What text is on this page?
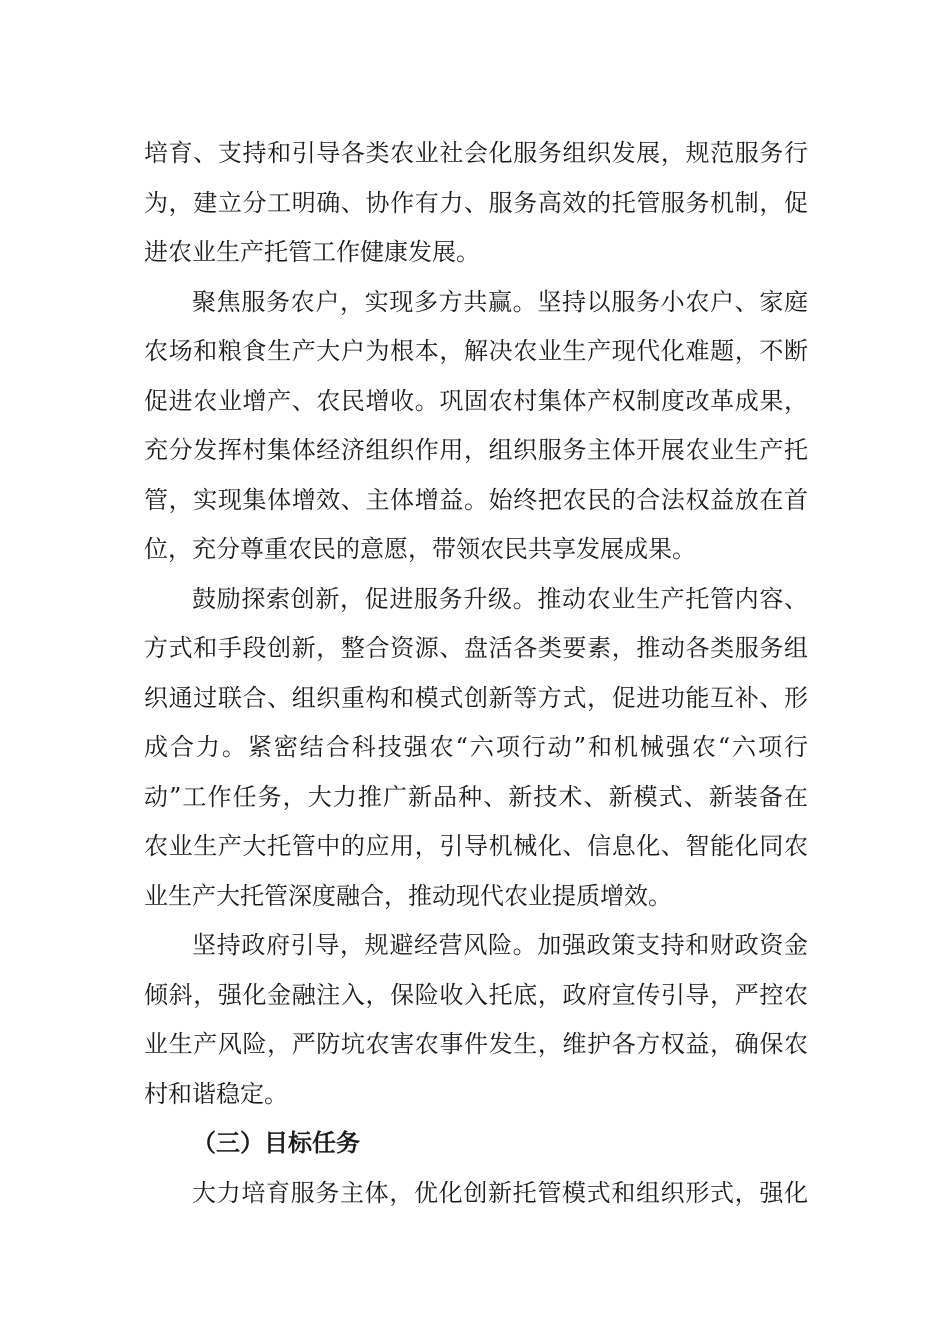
培育、支持和引导各类农业社会化服务组织发展，规范服务行
为，建立分工明确、协作有力、服务高效的托管服务机制，促
进农业生产托管工作健康发展。
聚焦服务农户，实现多方共赢。坚持以服务小农户、家庭
农场和粮食生产大户为根本，解决农业生产现代化难题，不断
促进农业增产、农民增收。巩固农村集体产权制度改革成果，
充分发挥村集体经济组织作用，组织服务主体开展农业生产托
管，实现集体增效、主体增益。始终把农民的合法权益放在首
位，充分尊重农民的意愿，带领农民共享发展成果。
鼓励探索创新，促进服务升级。推动农业生产托管内容、
方式和手段创新，整合资源、盘活各类要素，推动各类服务组
织通过联合、组织重构和模式创新等方式，促进功能互补、形
成合力。紧密结合科技强农“六项行动”和机械强农“六项行
动”工作任务，大力推广新品种、新技术、新模式、新装备在
农业生产大托管中的应用，引导机械化、信息化、智能化同农
业生产大托管深度融合，推动现代农业提质增效。
坚持政府引导，规避经营风险。加强政策支持和财政资金
倾斜，强化金融注入，保险收入托底，政府宣传引导，严控农
业生产风险，严防坑农害农事件发生，维护各方权益，确保农
村和谐稳定。
（三）目标任务
大力培育服务主体，优化创新托管模式和组织形式，强化
